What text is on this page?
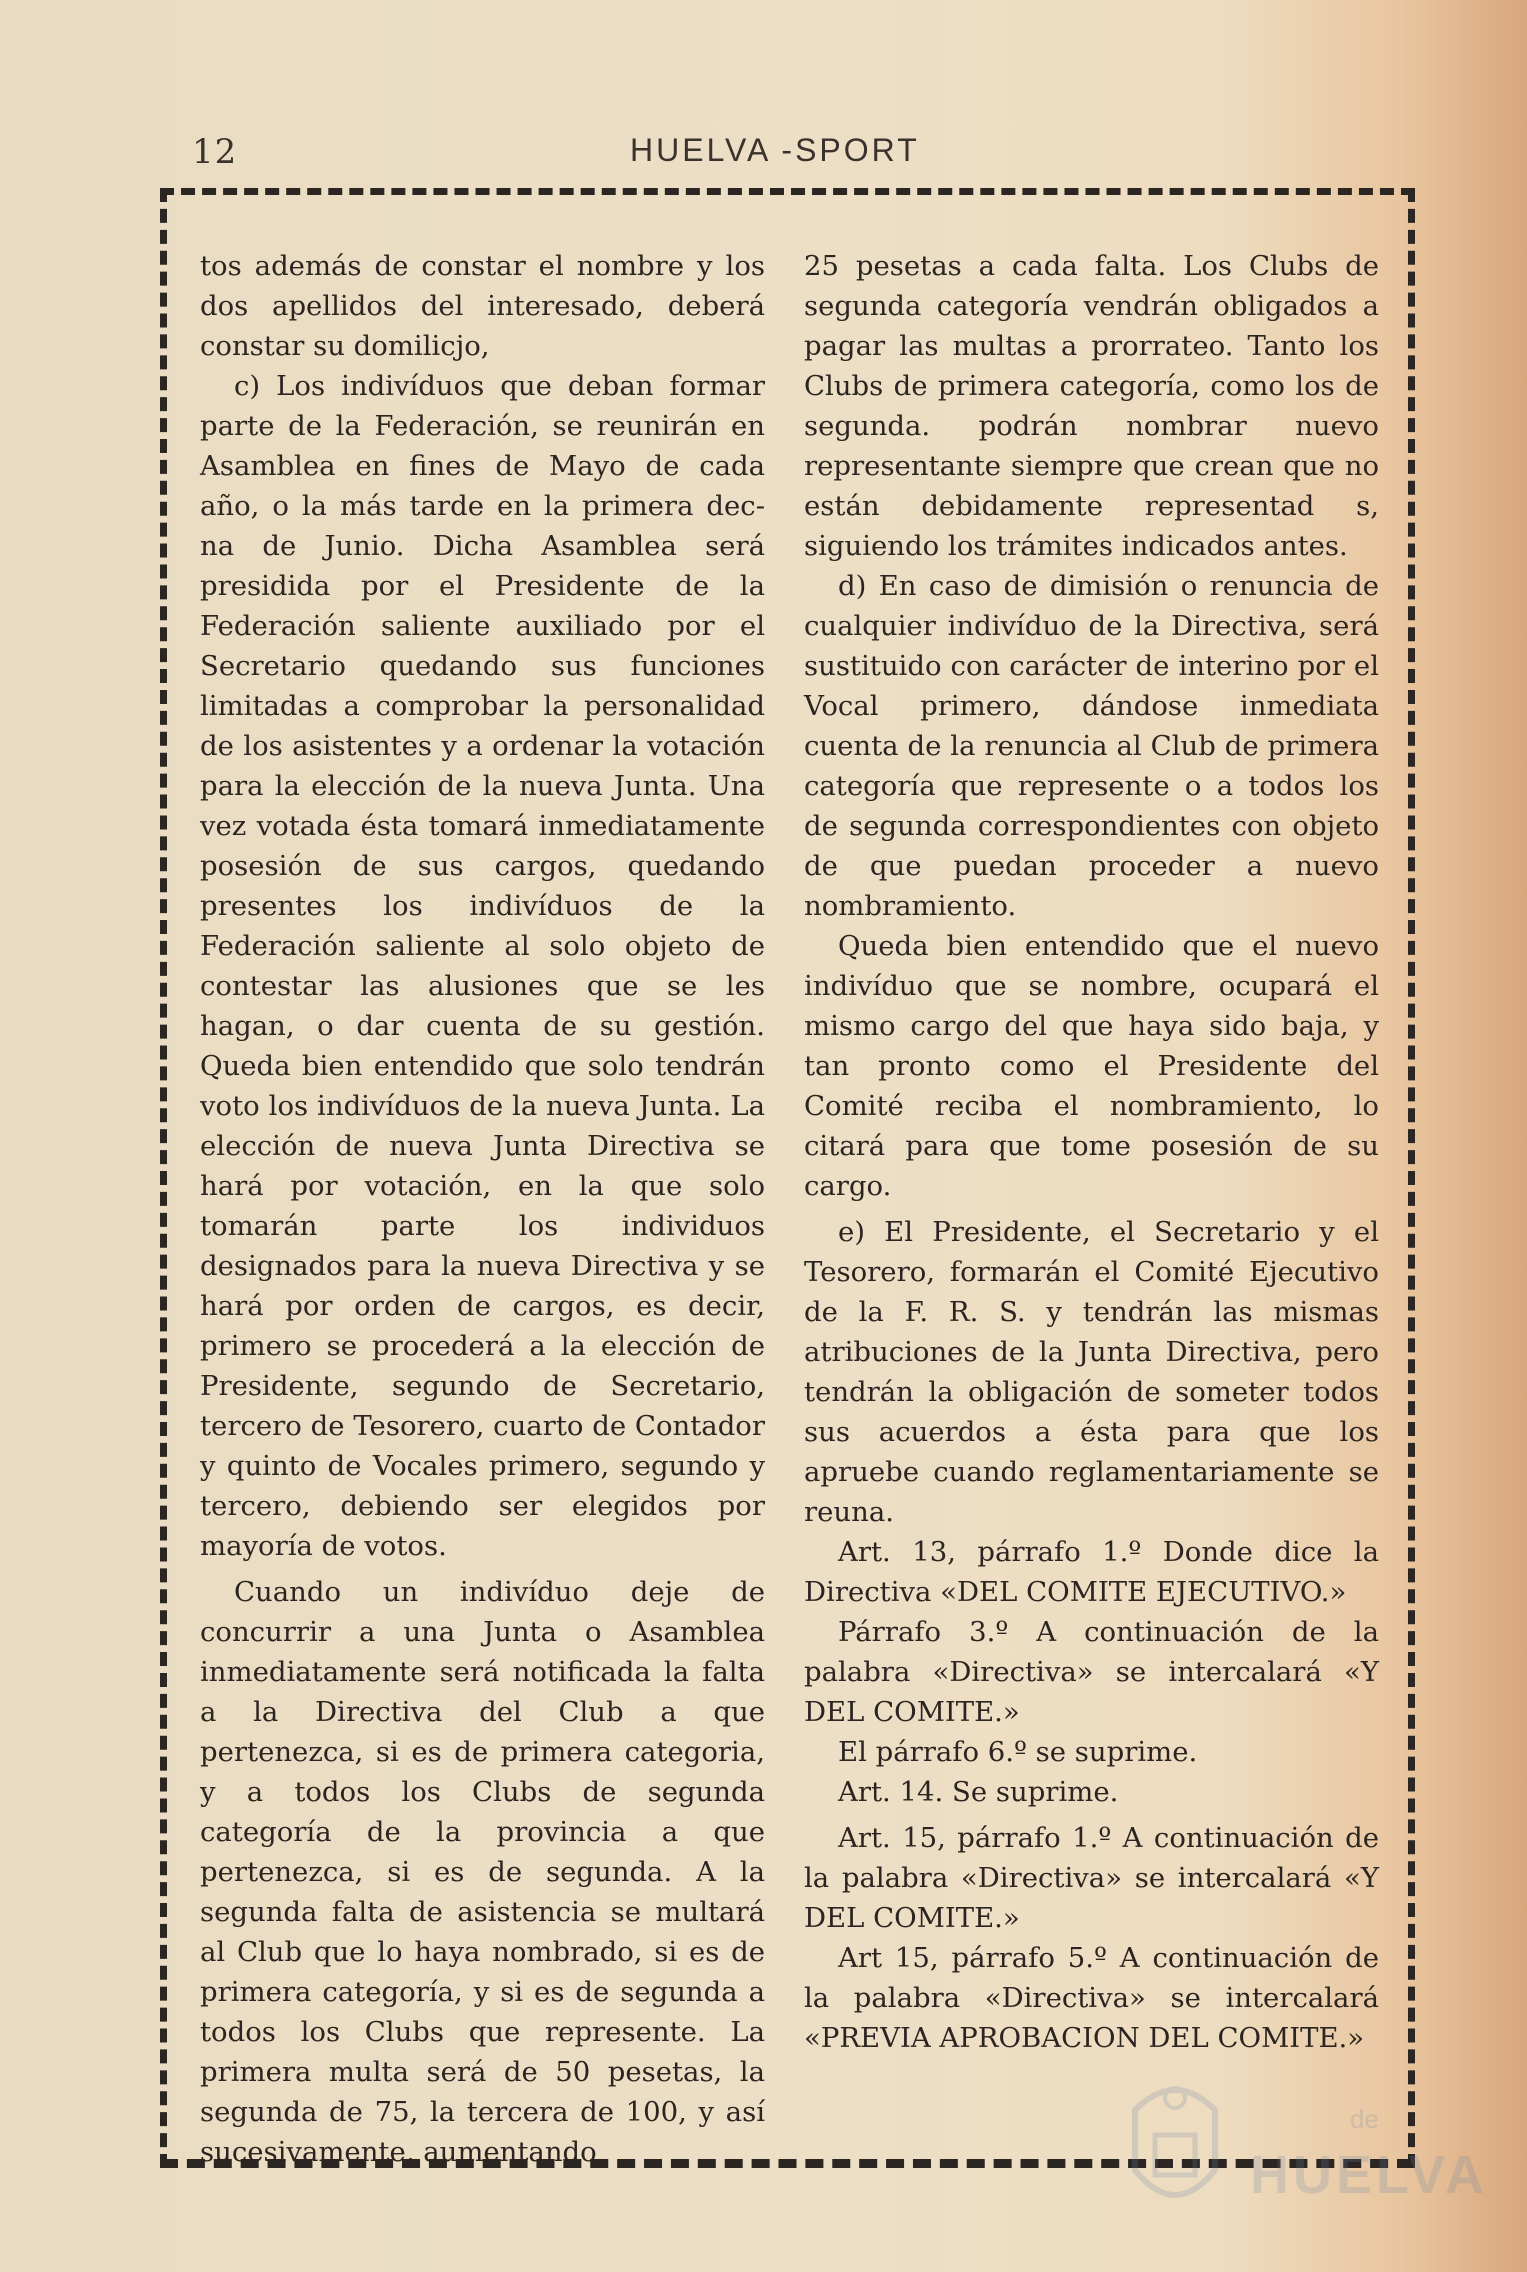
12	HUELVA -SPORT

tos además de constar el nombre y los dos apellidos del interesado, deberá constar su domilicjo,

c) Los indivíduos que deban formar parte de la Federación, se reunirán en Asamblea en fines de Mayo de cada año, o la más tarde en la primera dec-na de Junio. Dicha Asamblea será presidida por el Presidente de la Federación saliente auxiliado por el Secretario quedando sus funciones limitadas a comprobar la personalidad de los asistentes y a ordenar la votación para la elección de la nueva Junta. Una vez votada ésta tomará inmediatamente posesión de sus cargos, quedando presentes los indivíduos de la Federación saliente al solo objeto de contestar las alusiones que se les hagan, o dar cuenta de su gestión. Queda bien entendido que solo tendrán voto los indivíduos de la nueva Junta. La elección de nueva Junta Directiva se hará por votación, en la que solo tomarán parte los individuos designados para la nueva Directiva y se hará por orden de cargos, es decir, primero se procederá a la elección de Presidente, segundo de Secretario, tercero de Tesorero, cuarto de Contador y quinto de Vocales primero, segundo y tercero, debiendo ser elegidos por mayoría de votos.

Cuando un indivíduo deje de concurrir a una Junta o Asamblea inmediatamente será notificada la falta a la Directiva del Club a que pertenezca, si es de primera categoria, y a todos los Clubs de segunda categoría de la provincia a que pertenezca, si es de segunda. A la segunda falta de asistencia se multará al Club que lo haya nombrado, si es de primera categoría, y si es de segunda a todos los Clubs que represente. La primera multa será de 50 pesetas, la segunda de 75, la tercera de 100, y así sucesivamente, aumentando

25 pesetas a cada falta. Los Clubs de segunda categoría vendrán obligados a pagar las multas a prorrateo. Tanto los Clubs de primera categoría, como los de segunda. podrán nombrar nuevo representante siempre que crean que no están debidamente representad s, siguiendo los trámites indicados antes.

d) En caso de dimisión o renuncia de cualquier indivíduo de la Directiva, será sustituido con carácter de interino por el Vocal primero, dándose inmediata cuenta de la renuncia al Club de primera categoría que represente o a todos los de segunda correspondientes con objeto de que puedan proceder a nuevo nombramiento.

Queda bien entendido que el nuevo indivíduo que se nombre, ocupará el mismo cargo del que haya sido baja, y tan pronto como el Presidente del Comité reciba el nombramiento, lo citará para que tome posesión de su cargo.

e) El Presidente, el Secretario y el Tesorero, formarán el Comité Ejecutivo de la F. R. S. y tendrán las mismas atribuciones de la Junta Directiva, pero tendrán la obligación de someter todos sus acuerdos a ésta para que los apruebe cuando reglamentariamente se reuna.

Art. 13, párrafo 1.º Donde dice la Directiva «DEL COMITE EJECUTIVO.»

Párrafo 3.º A continuación de la palabra «Directiva» se intercalará «Y DEL COMITE.»

El párrafo 6.º se suprime.

Art. 14. Se suprime.

Art. 15, párrafo 1.º A continuación de la palabra «Directiva» se intercalará «Y DEL COMITE.»

Art 15, párrafo 5.º A continuación de la palabra «Directiva» se intercalará «PREVIA APROBACION DEL COMITE.»

de
HUELVA
